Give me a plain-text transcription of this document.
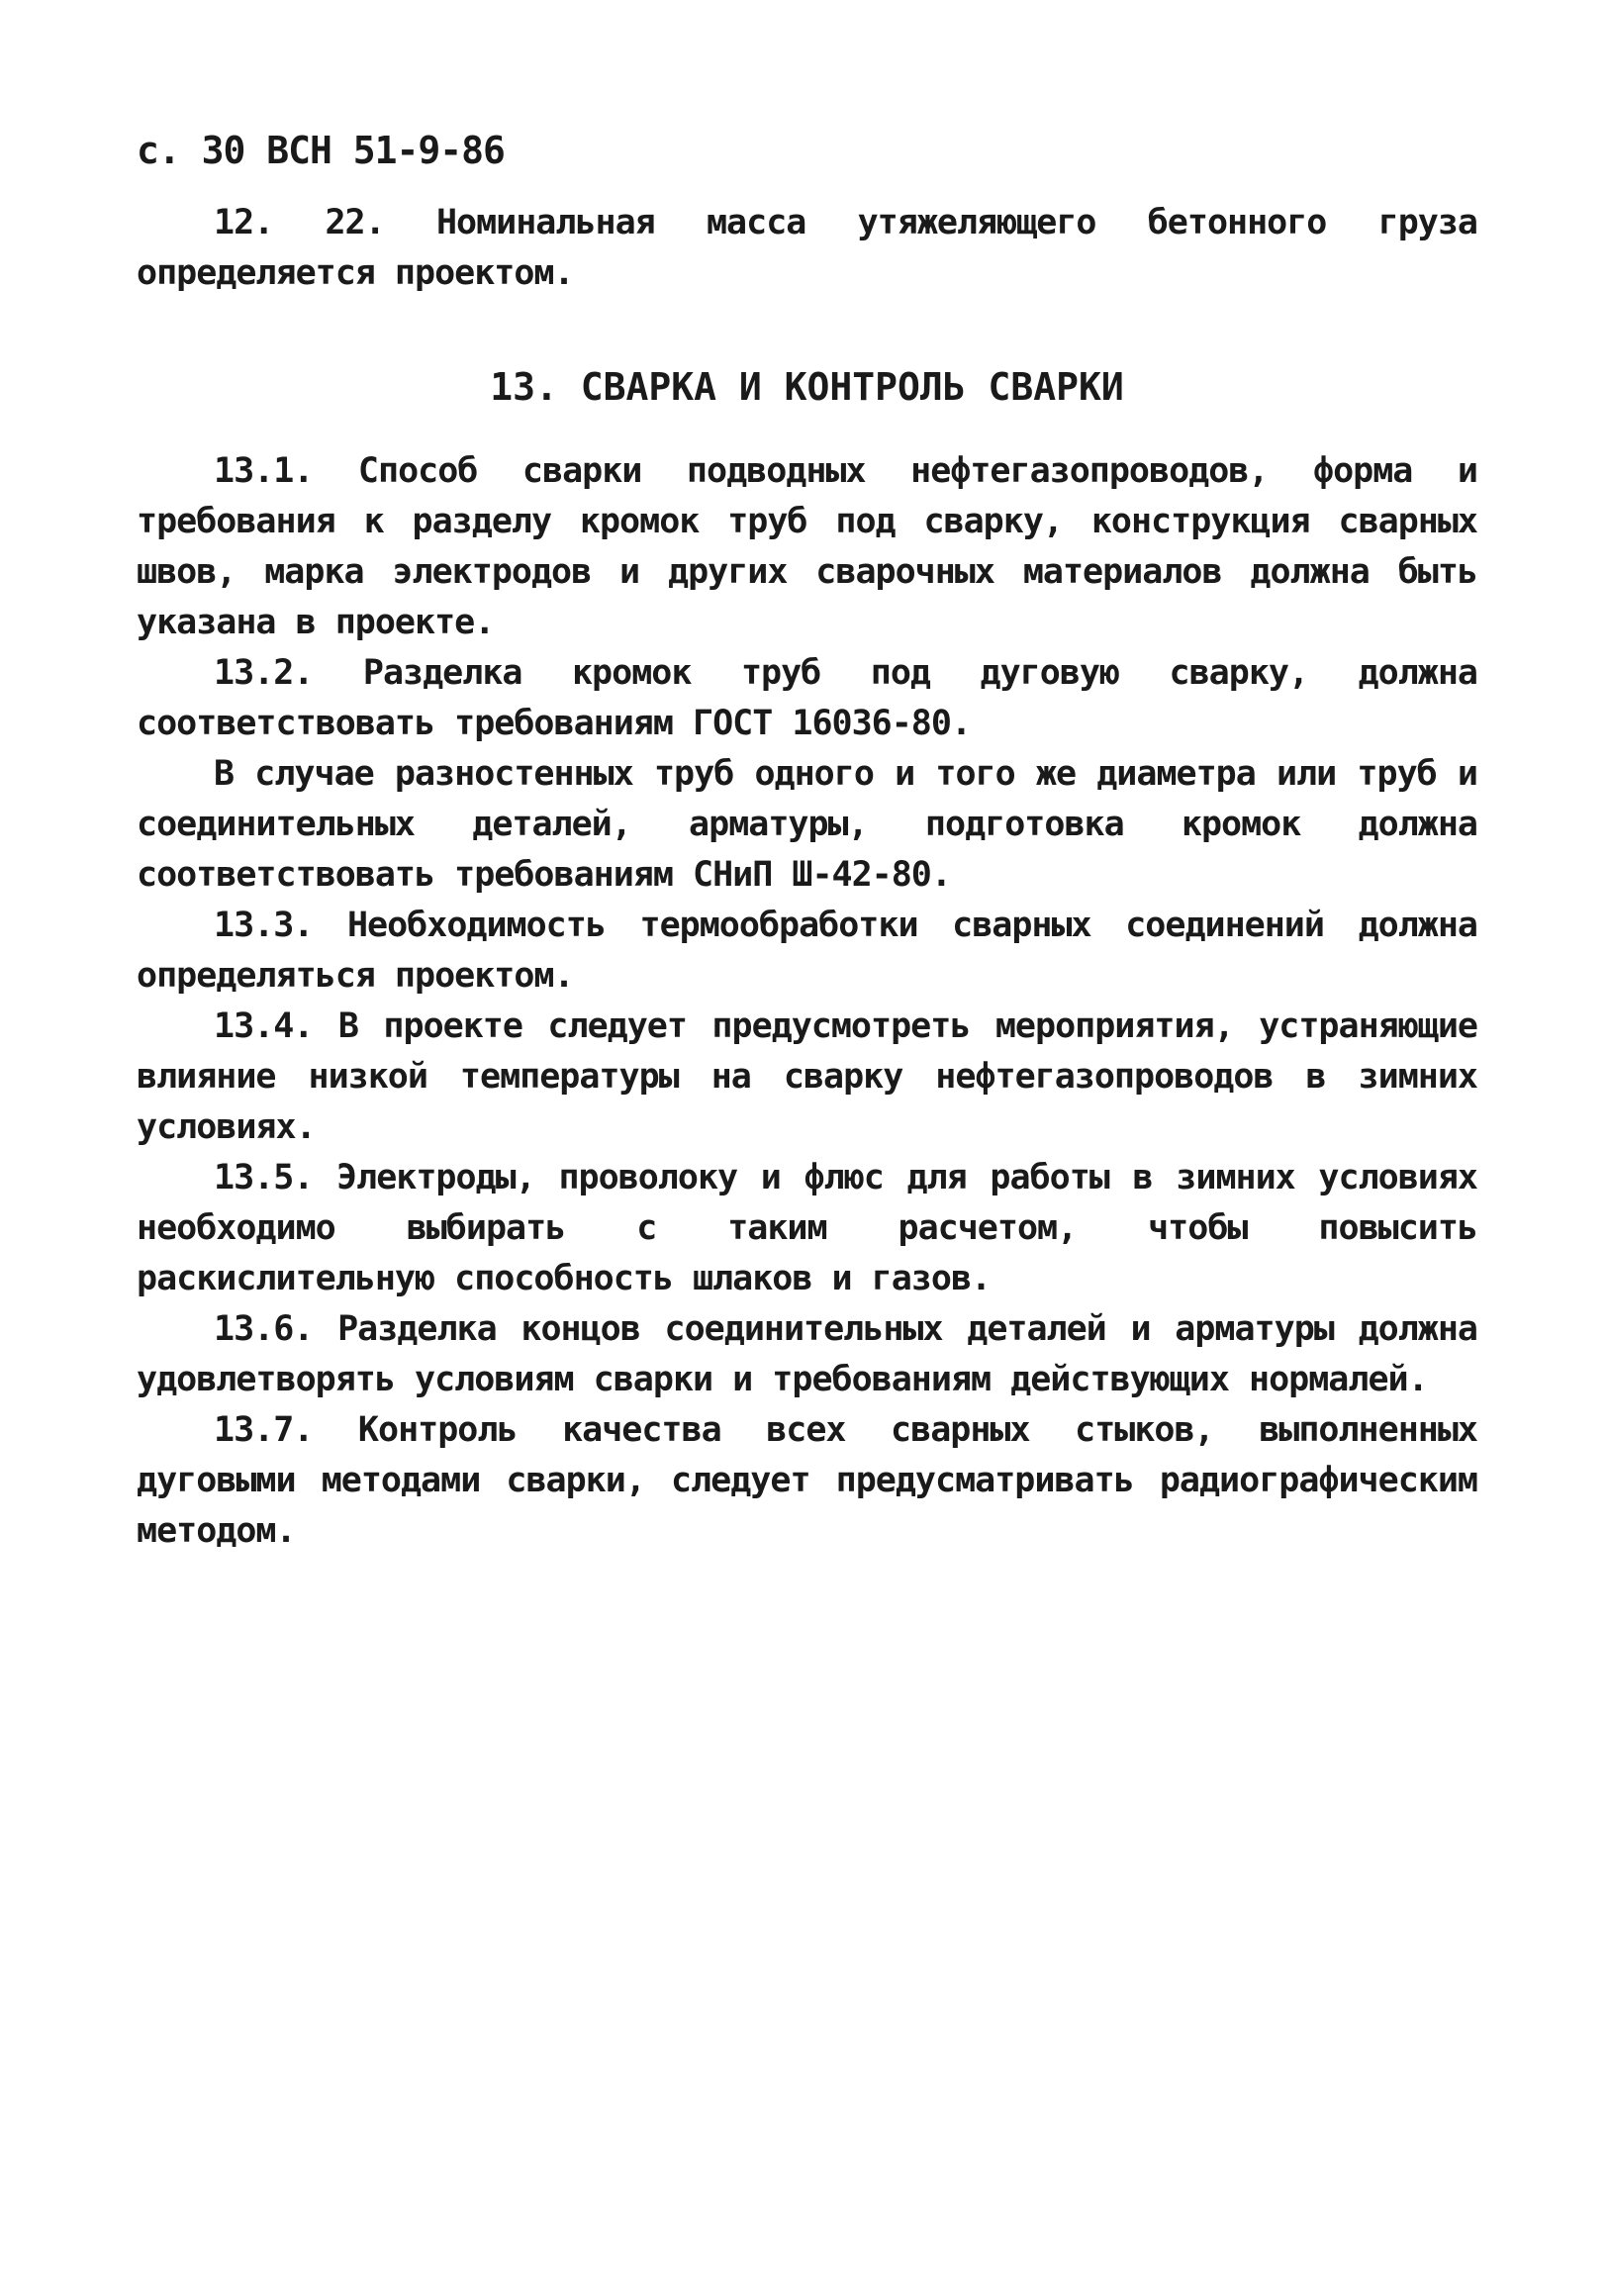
с. 30 ВСН 51-9-86

12. 22. Номинальная масса утяжеляющего бетонного груза определяется проектом.

13. СВАРКА И КОНТРОЛЬ СВАРКИ

13.1. Способ сварки подводных нефтегазопроводов, форма и требования к разделу кромок труб под сварку, конструкция сварных швов, марка электродов и других сварочных материалов должна быть указана в проекте.

13.2. Разделка кромок труб под дуговую сварку, должна соответствовать требованиям ГОСТ 16036-80.

В случае разностенных труб одного и того же диаметра или труб и соединительных деталей, арматуры, подготовка кромок должна соответствовать требованиям СНиП Ш-42-80.

13.3. Необходимость термообработки сварных соединений должна определяться проектом.

13.4. В проекте следует предусмотреть мероприятия, устраняющие влияние низкой температуры на сварку нефтегазопроводов в зимних условиях.

13.5. Электроды, проволоку и флюс для работы в зимних условиях необходимо выбирать с таким расчетом, чтобы повысить раскислительную способность шлаков и газов.

13.6. Разделка концов соединительных деталей и арматуры должна удовлетворять условиям сварки и требованиям действующих нормалей.

13.7. Контроль качества всех сварных стыков, выполненных дуговыми методами сварки, следует предусматривать радиографическим методом.
